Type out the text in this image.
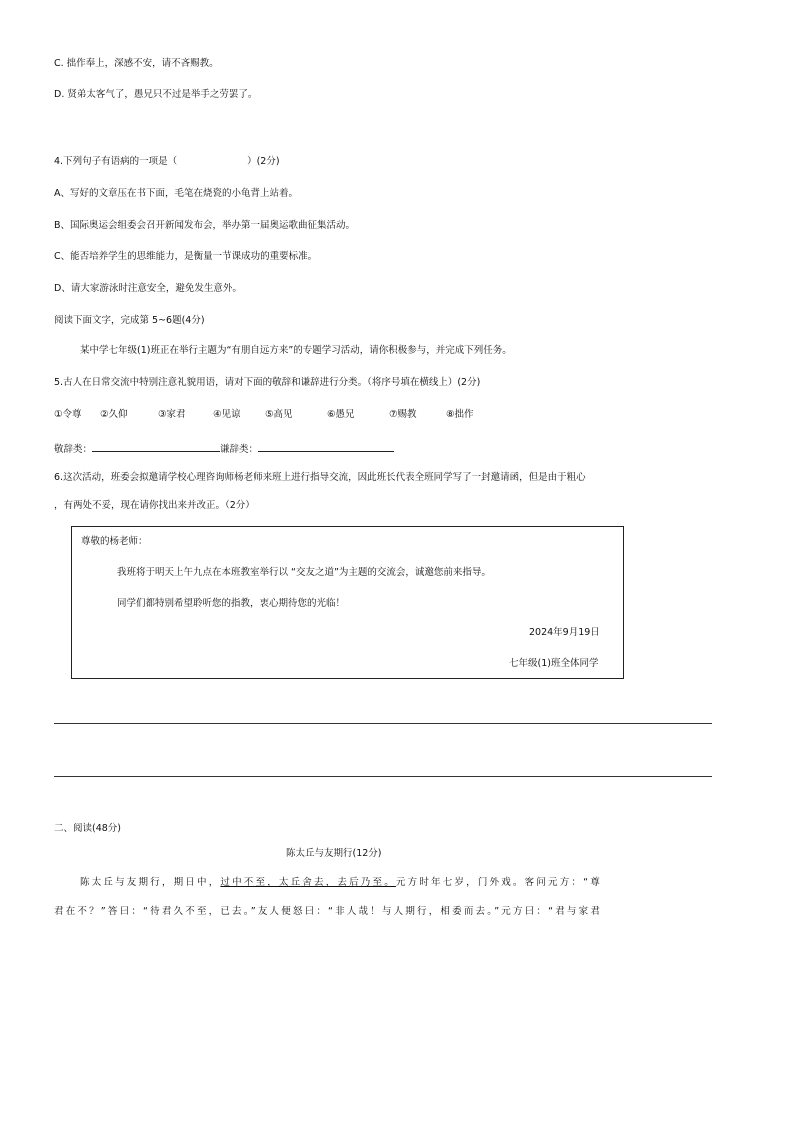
C. 拙作奉上，深感不安，请不吝赐教。
D. 贤弟太客气了，愚兄只不过是举手之劳罢了。
4.下列句子有语病的一项是（	）(2分)
A、写好的文章压在书下面，毛笔在烧瓷的小龟背上站着。
B、国际奥运会组委会召开新闻发布会，举办第一届奥运歌曲征集活动。
C、能否培养学生的思维能力，是衡量一节课成功的重要标准。
D、请大家游泳时注意安全，避免发生意外。
阅读下面文字，完成第 5~6题(4分)
某中学七年级(1)班正在举行主题为“有朋自远方来”的专题学习活动，请你积极参与，并完成下列任务。
5.古人在日常交流中特别注意礼貌用语，请对下面的敬辞和谦辞进行分类。（将序号填在横线上）(2分)
①令尊 ②久仰	③家君	④见谅	⑤高见	⑥愚兄	⑦赐教	⑧拙作
敬辞类：	谦辞类：
6.这次活动，班委会拟邀请学校心理咨询师杨老师来班上进行指导交流，因此班长代表全班同学写了一封邀请函，但是由于粗心
，有两处不妥，现在请你找出来并改正。（2分）
尊敬的杨老师：
我班将于明天上午九点在本班教室举行以 “交友之道”为主题的交流会，诚邀您前来指导。
同学们都特别希望聆听您的指教，衷心期待您的光临！
2024年9月19日
七年级(1)班全体同学
二、阅读(48分)
陈太丘与友期行(12分)
陈太丘与友期行，期日中，过中不至，太丘舍去，去后乃至。元方时年七岁，门外戏。客问元方：“尊
君在不？”答曰：“待君久不至，已去。”友人便怒曰：“非人哉！与人期行，相委而去。”元方曰：“君与家君
